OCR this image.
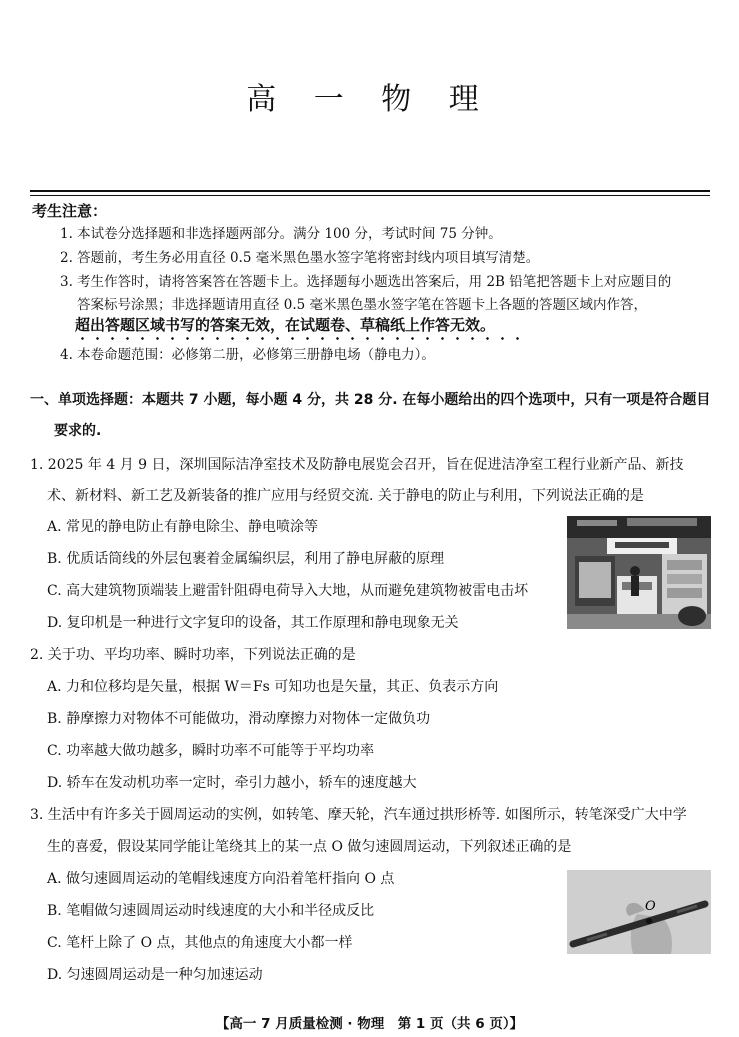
高 一 物 理
考生注意：
1. 本试卷分选择题和非选择题两部分。满分 100 分，考试时间 75 分钟。
2. 答题前，考生务必用直径 0.5 毫米黑色墨水签字笔将密封线内项目填写清楚。
3. 考生作答时，请将答案答在答题卡上。选择题每小题选出答案后，用 2B 铅笔把答题卡上对应题目的
答案标号涂黑；非选择题请用直径 0.5 毫米黑色墨水签字笔在答题卡上各题的答题区域内作答，
超出答题区域书写的答案无效，在试题卷、草稿纸上作答无效。
4. 本卷命题范围：必修第二册，必修第三册静电场（静电力）。
一、单项选择题：本题共 7 小题，每小题 4 分，共 28 分. 在每小题给出的四个选项中，只有一项是符合题目
要求的.
1. 2025 年 4 月 9 日，深圳国际洁净室技术及防静电展览会召开，旨在促进洁净室工程行业新产品、新技
术、新材料、新工艺及新装备的推广应用与经贸交流. 关于静电的防止与利用，下列说法正确的是
A. 常见的静电防止有静电除尘、静电喷涂等
B. 优质话筒线的外层包裹着金属编织层，利用了静电屏蔽的原理
C. 高大建筑物顶端装上避雷针阻碍电荷导入大地，从而避免建筑物被雷电击坏
D. 复印机是一种进行文字复印的设备，其工作原理和静电现象无关
2. 关于功、平均功率、瞬时功率，下列说法正确的是
A. 力和位移均是矢量，根据 W＝Fs 可知功也是矢量，其正、负表示方向
B. 静摩擦力对物体不可能做功，滑动摩擦力对物体一定做负功
C. 功率越大做功越多，瞬时功率不可能等于平均功率
D. 轿车在发动机功率一定时，牵引力越小，轿车的速度越大
3. 生活中有许多关于圆周运动的实例，如转笔、摩天轮，汽车通过拱形桥等. 如图所示，转笔深受广大中学
生的喜爱，假设某同学能让笔绕其上的某一点 O 做匀速圆周运动，下列叙述正确的是
A. 做匀速圆周运动的笔帽线速度方向沿着笔杆指向 O 点
B. 笔帽做匀速圆周运动时线速度的大小和半径成反比
C. 笔杆上除了 O 点，其他点的角速度大小都一样
D. 匀速圆周运动是一种匀加速运动
O
【高一 7 月质量检测 · 物理　第 1 页（共 6 页）】
